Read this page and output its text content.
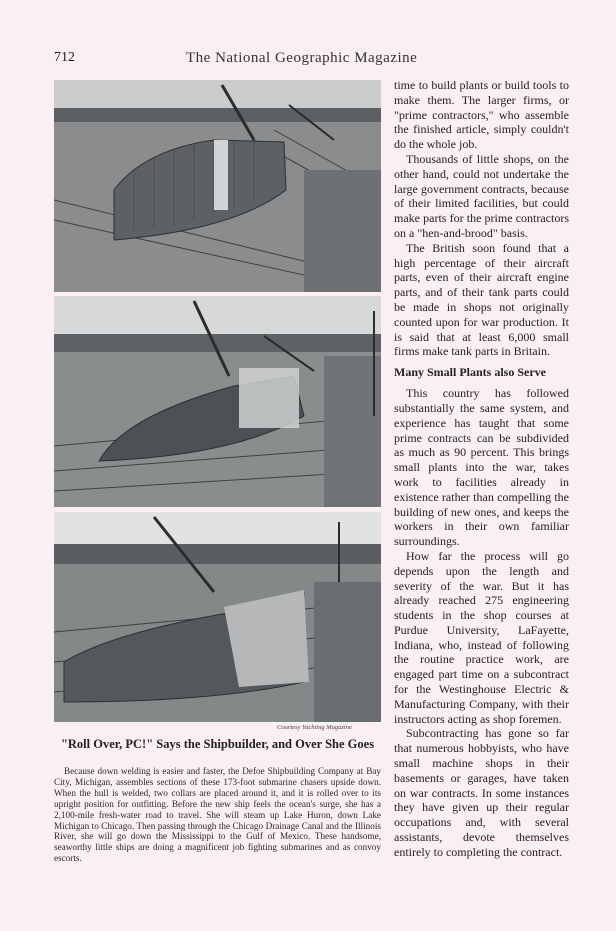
712	The National Geographic Magazine
Courtesy Yachting Magazine
"Roll Over, PC!" Says the Shipbuilder, and Over She Goes
Because down welding is easier and faster, the Defoe Shipbuilding Company at Bay City, Michigan, assembles sections of these 173-foot submarine chasers upside down. When the hull is welded, two collars are placed around it, and it is rolled over to its upright position for outfitting. Before the new ship feels the ocean's surge, she has a 2,100-mile fresh-water road to travel. She will steam up Lake Huron, down Lake Michigan to Chicago. Then passing through the Chicago Drainage Canal and the Illinois River, she will go down the Mississippi to the Gulf of Mexico. These handsome, seaworthy little ships are doing a magnificent job fighting submarines and as convoy escorts.

time to build plants or build tools to make them. The larger firms, or "prime contractors," who assemble the finished article, simply couldn't do the whole job.

Thousands of little shops, on the other hand, could not undertake the large government contracts, because of their limited facilities, but could make parts for the prime contractors on a "hen-and-brood" basis.

The British soon found that a high percentage of their aircraft parts, even of their aircraft engine parts, and of their tank parts could be made in shops not originally counted upon for war production. It is said that at least 6,000 small firms make tank parts in Britain.

Many Small Plants also Serve

This country has followed substantially the same system, and experience has taught that some prime contracts can be subdivided as much as 90 percent. This brings small plants into the war, takes work to facilities already in existence rather than compelling the building of new ones, and keeps the workers in their own familiar surroundings.

How far the process will go depends upon the length and severity of the war. But it has already reached 275 engineering students in the shop courses at Purdue University, LaFayette, Indiana, who, instead of following the routine practice work, are engaged part time on a subcontract for the Westinghouse Electric & Manufacturing Company, with their instructors acting as shop foremen.

Subcontracting has gone so far that numerous hobbyists, who have small machine shops in their basements or garages, have taken on war contracts. In some instances they have given up their regular occupations and, with several assistants, devote themselves entirely to completing the contract.
